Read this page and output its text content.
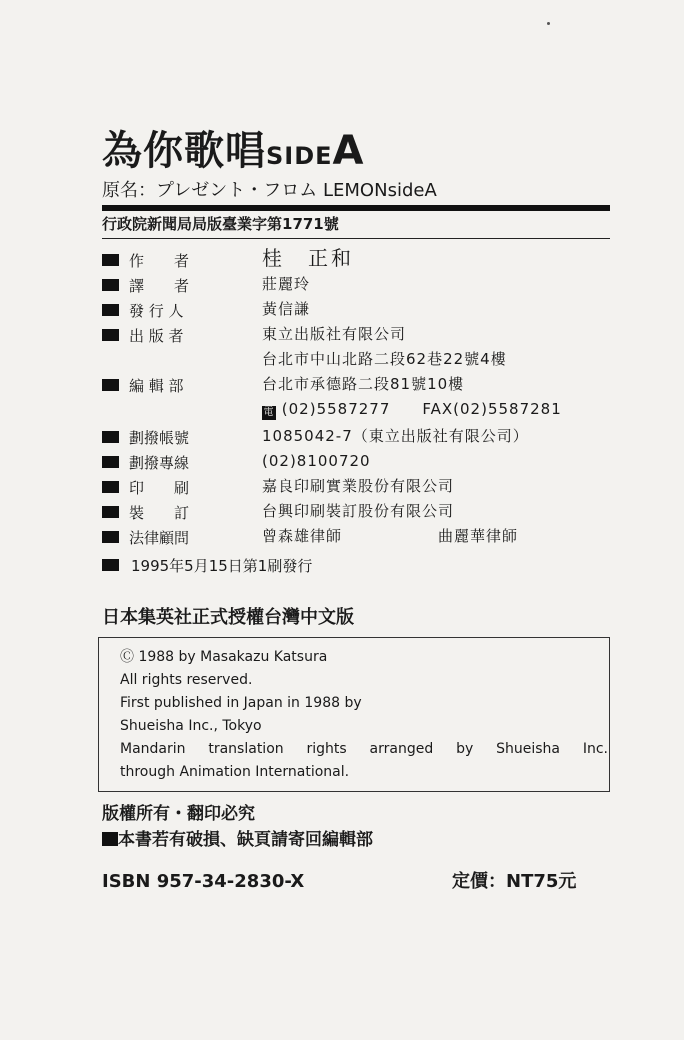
為你歌唱SIDEA
原名：プレゼント・フロム LEMONsideA
行政院新聞局局版臺業字第1771號
作　　者	桂　正和
譯　　者	莊麗玲
發 行 人	黃信謙
出 版 者	東立出版社有限公司
台北市中山北路二段62巷22號4樓
編 輯 部	台北市承德路二段81號10樓
電 (02)5587277　　FAX(02)5587281
劃撥帳號	1085042-7（東立出版社有限公司）
劃撥專線	(02)8100720
印　　刷	嘉良印刷實業股份有限公司
裝　　訂	台興印刷裝訂股份有限公司
法律顧問	曾森雄律師	曲麗華律師
1995年5月15日第1刷發行
日本集英社正式授權台灣中文版
Ⓒ 1988 by Masakazu Katsura
All rights reserved.
First published in Japan in 1988 by
Shueisha Inc., Tokyo
Mandarin translation rights arranged by Shueisha Inc.
through Animation International.
版權所有・翻印必究
本書若有破損、缺頁請寄回編輯部
ISBN 957-34-2830-X	定價：NT75元
